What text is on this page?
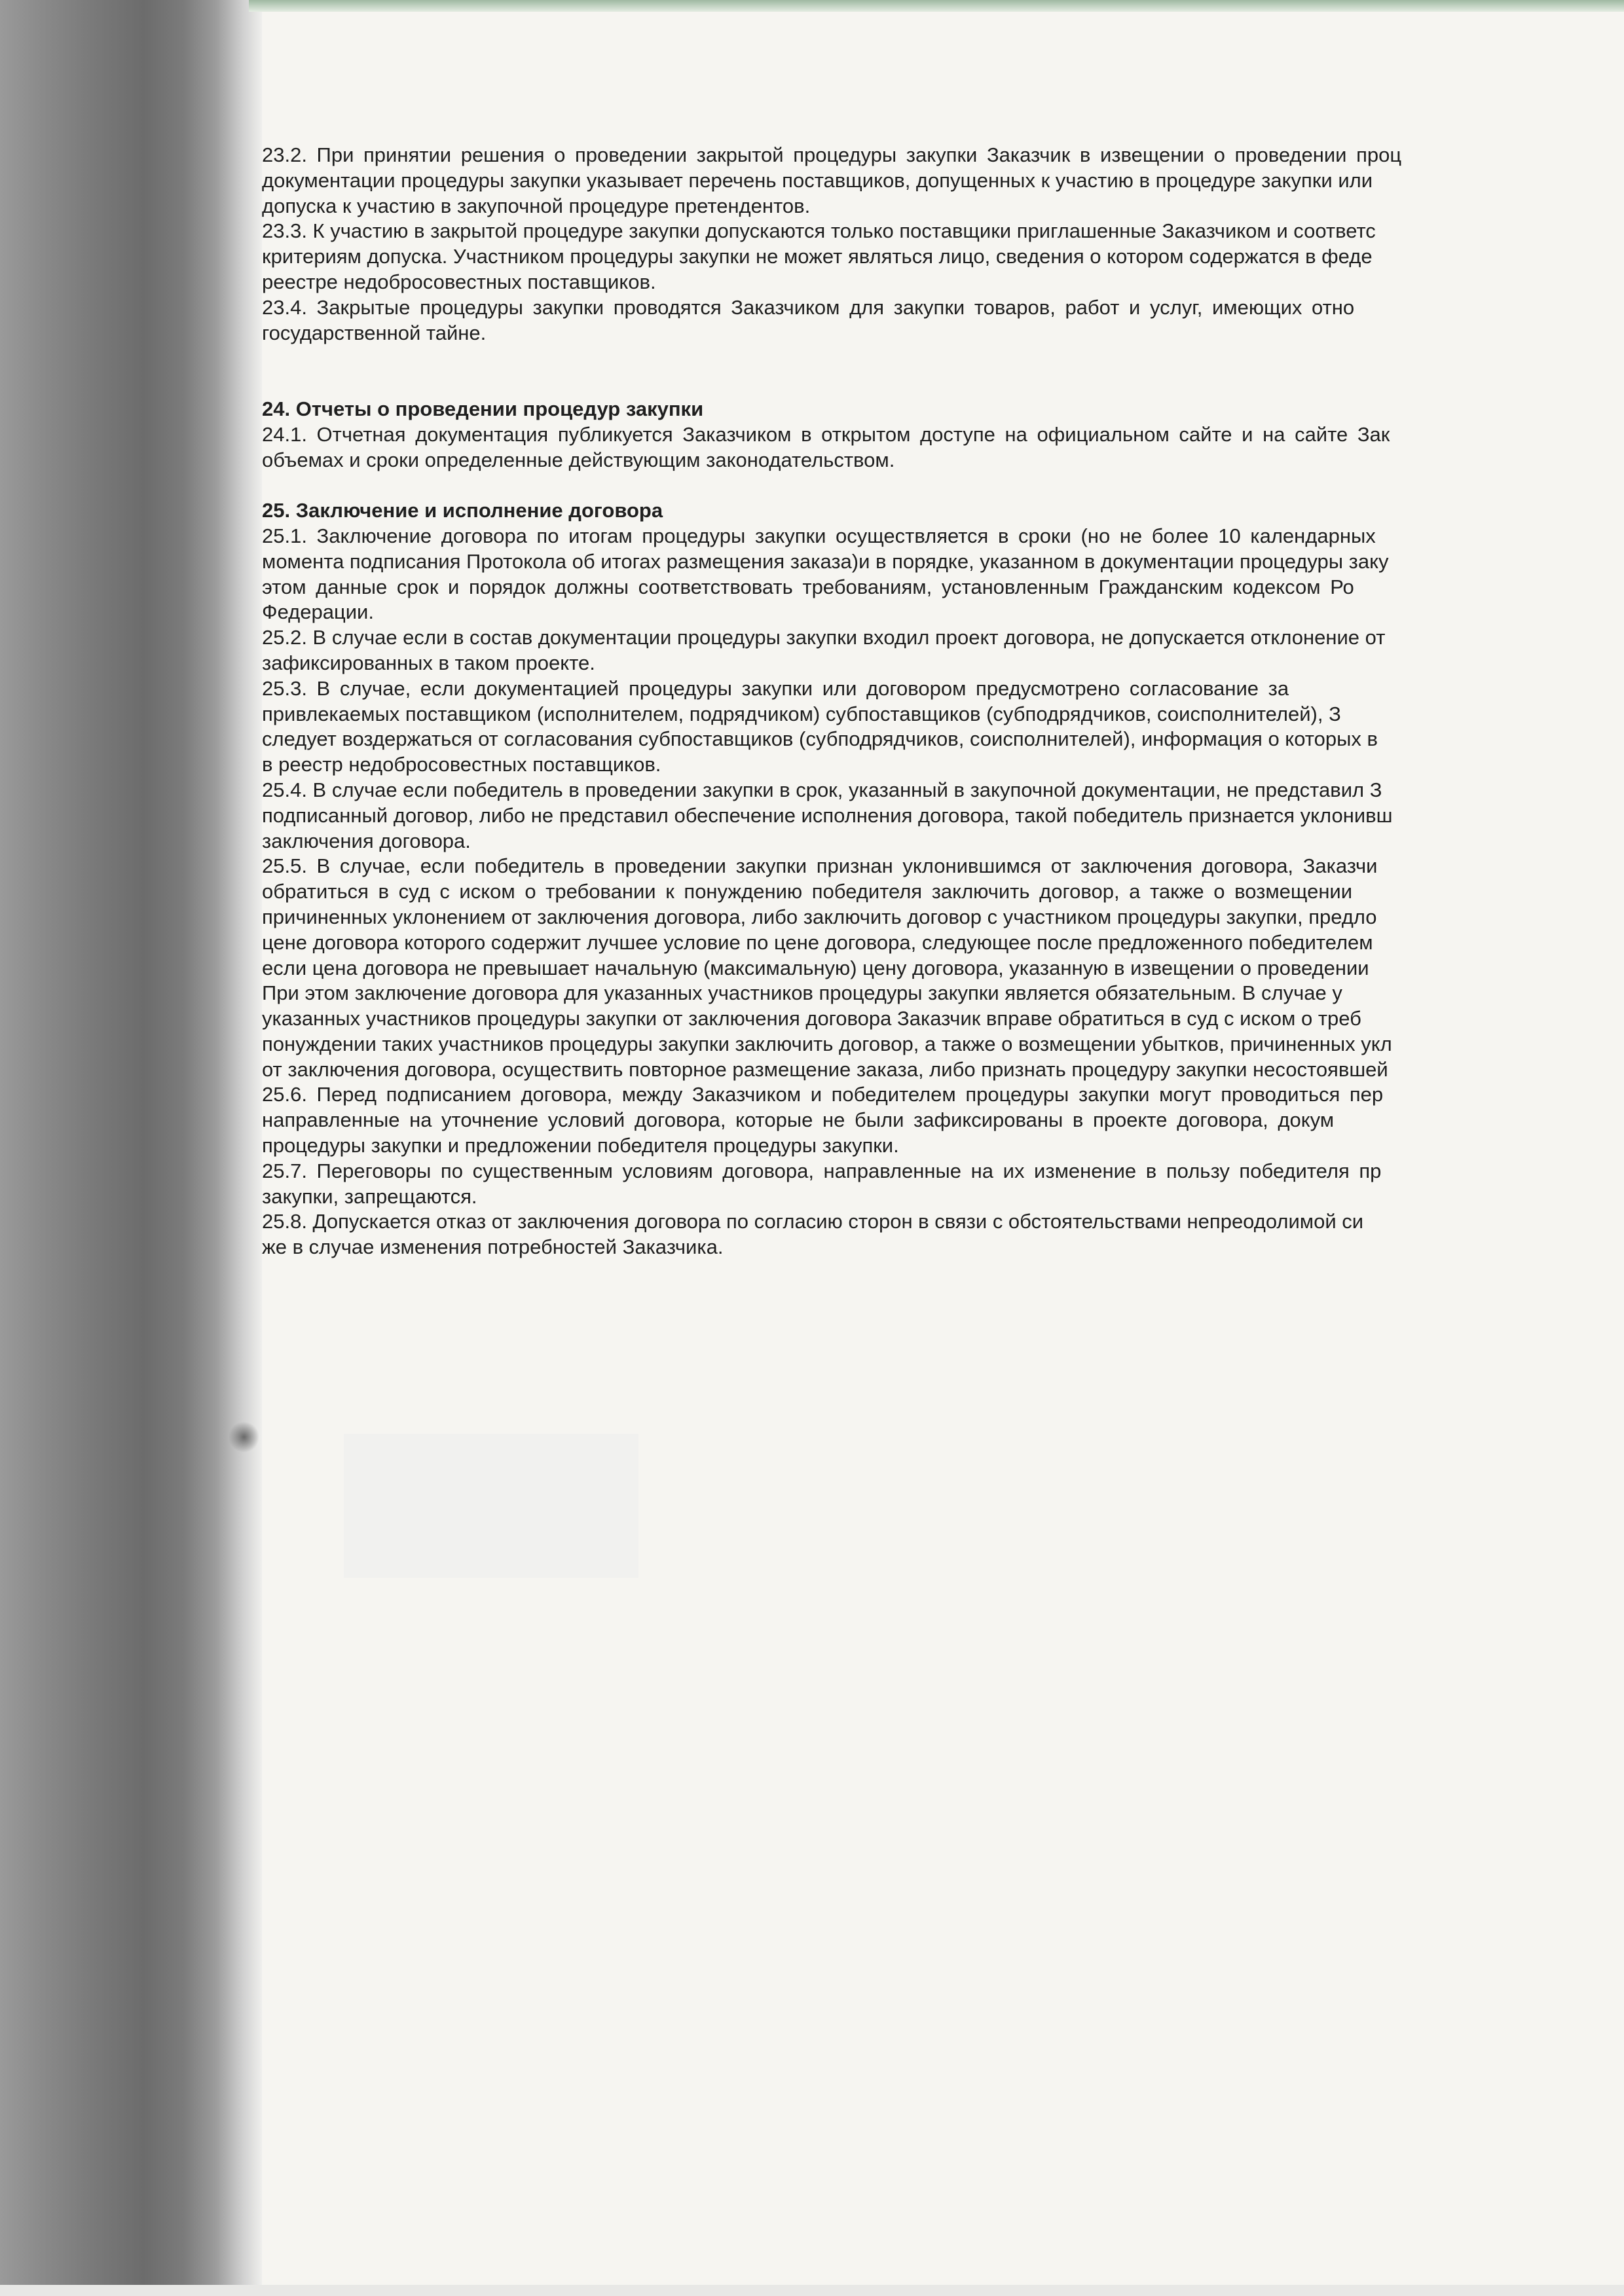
23.2. При принятии решения о проведении закрытой процедуры закупки Заказчик в извещении о проведении проц
документации процедуры закупки указывает перечень поставщиков, допущенных к участию в процедуре закупки или
допуска к участию в закупочной процедуре претендентов.
23.3. К участию в закрытой процедуре закупки допускаются только поставщики приглашенные Заказчиком и соответс
критериям допуска. Участником процедуры закупки не может являться лицо, сведения о котором содержатся в феде
реестре недобросовестных поставщиков.
23.4. Закрытые процедуры закупки проводятся Заказчиком для закупки товаров, работ и услуг, имеющих отно
государственной тайне.
24. Отчеты о проведении процедур закупки
24.1. Отчетная документация публикуется Заказчиком в открытом доступе на официальном сайте и на сайте Зак
объемах и сроки определенные действующим законодательством.
25. Заключение и исполнение договора
25.1. Заключение договора по итогам процедуры закупки осуществляется в сроки (но не более 10 календарных
момента подписания Протокола об итогах размещения заказа)и в порядке, указанном в документации процедуры заку
этом данные срок и порядок должны соответствовать требованиям, установленным Гражданским кодексом Ро
Федерации.
25.2. В случае если в состав документации процедуры закупки входил проект договора, не допускается отклонение от
зафиксированных в таком проекте.
25.3. В случае, если документацией процедуры закупки или договором предусмотрено согласование за
привлекаемых поставщиком (исполнителем, подрядчиком) субпоставщиков (субподрядчиков, соисполнителей), З
следует воздержаться от согласования субпоставщиков (субподрядчиков, соисполнителей), информация о которых в
в реестр недобросовестных поставщиков.
25.4. В случае если победитель в проведении закупки в срок, указанный в закупочной документации, не представил З
подписанный договор, либо не представил обеспечение исполнения договора, такой победитель признается уклонивш
заключения договора.
25.5. В случае, если победитель в проведении закупки признан уклонившимся от заключения договора, Заказчи
обратиться в суд с иском о требовании к понуждению победителя заключить договор, а также о возмещении
причиненных уклонением от заключения договора, либо заключить договор с участником процедуры закупки, предло
цене договора которого содержит лучшее условие по цене договора, следующее после предложенного победителем
если цена договора не превышает начальную (максимальную) цену договора, указанную в извещении о проведении
При этом заключение договора для указанных участников процедуры закупки является обязательным. В случае у
указанных участников процедуры закупки от заключения договора Заказчик вправе обратиться в суд с иском о треб
понуждении таких участников процедуры закупки заключить договор, а также о возмещении убытков, причиненных укл
от заключения договора, осуществить повторное размещение заказа, либо признать процедуру закупки несостоявшей
25.6. Перед подписанием договора, между Заказчиком и победителем процедуры закупки могут проводиться пер
направленные на уточнение условий договора, которые не были зафиксированы в проекте договора, докум
процедуры закупки и предложении победителя процедуры закупки.
25.7. Переговоры по существенным условиям договора, направленные на их изменение в пользу победителя пр
закупки, запрещаются.
25.8. Допускается отказ от заключения договора по согласию сторон в связи с обстоятельствами непреодолимой си
же в случае изменения потребностей Заказчика.
